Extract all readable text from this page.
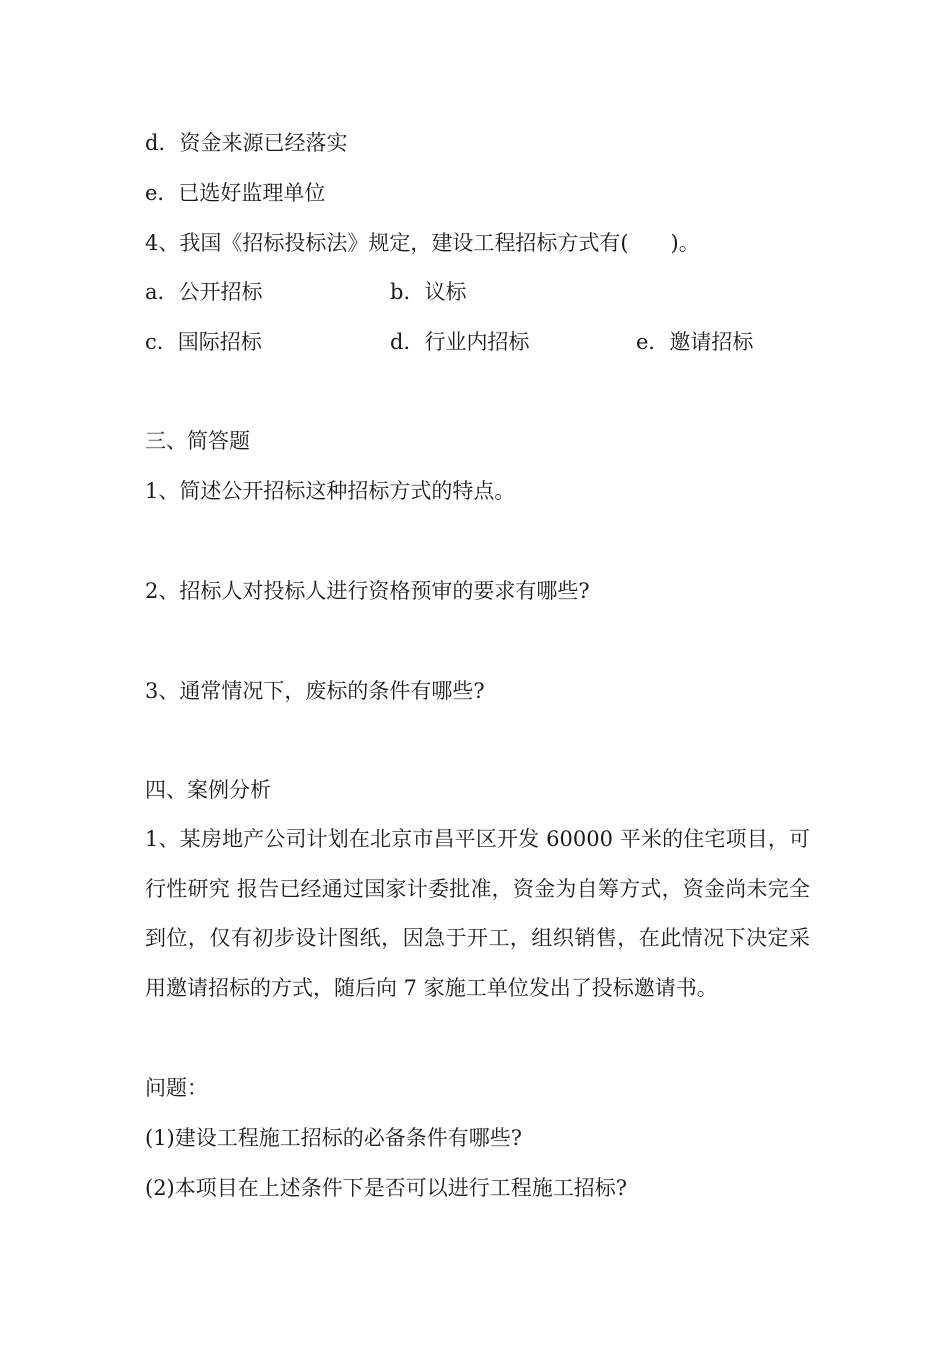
d．资金来源已经落实
e．已选好监理单位
4、我国《招标投标法》规定，建设工程招标方式有(　　)。
a．公开招标	b．议标
c．国际招标	d．行业内招标	e．邀请招标
三、简答题
1、简述公开招标这种招标方式的特点。
2、招标人对投标人进行资格预审的要求有哪些?
3、通常情况下，废标的条件有哪些?
四、案例分析
1、某房地产公司计划在北京市昌平区开发 60000 平米的住宅项目，可行性研究 报告已经通过国家计委批准，资金为自筹方式，资金尚未完全到位，仅有初步设计图纸，因急于开工，组织销售，在此情况下决定采用邀请招标的方式，随后向 7 家施工单位发出了投标邀请书。
问题：
(1)建设工程施工招标的必备条件有哪些?
(2)本项目在上述条件下是否可以进行工程施工招标?
